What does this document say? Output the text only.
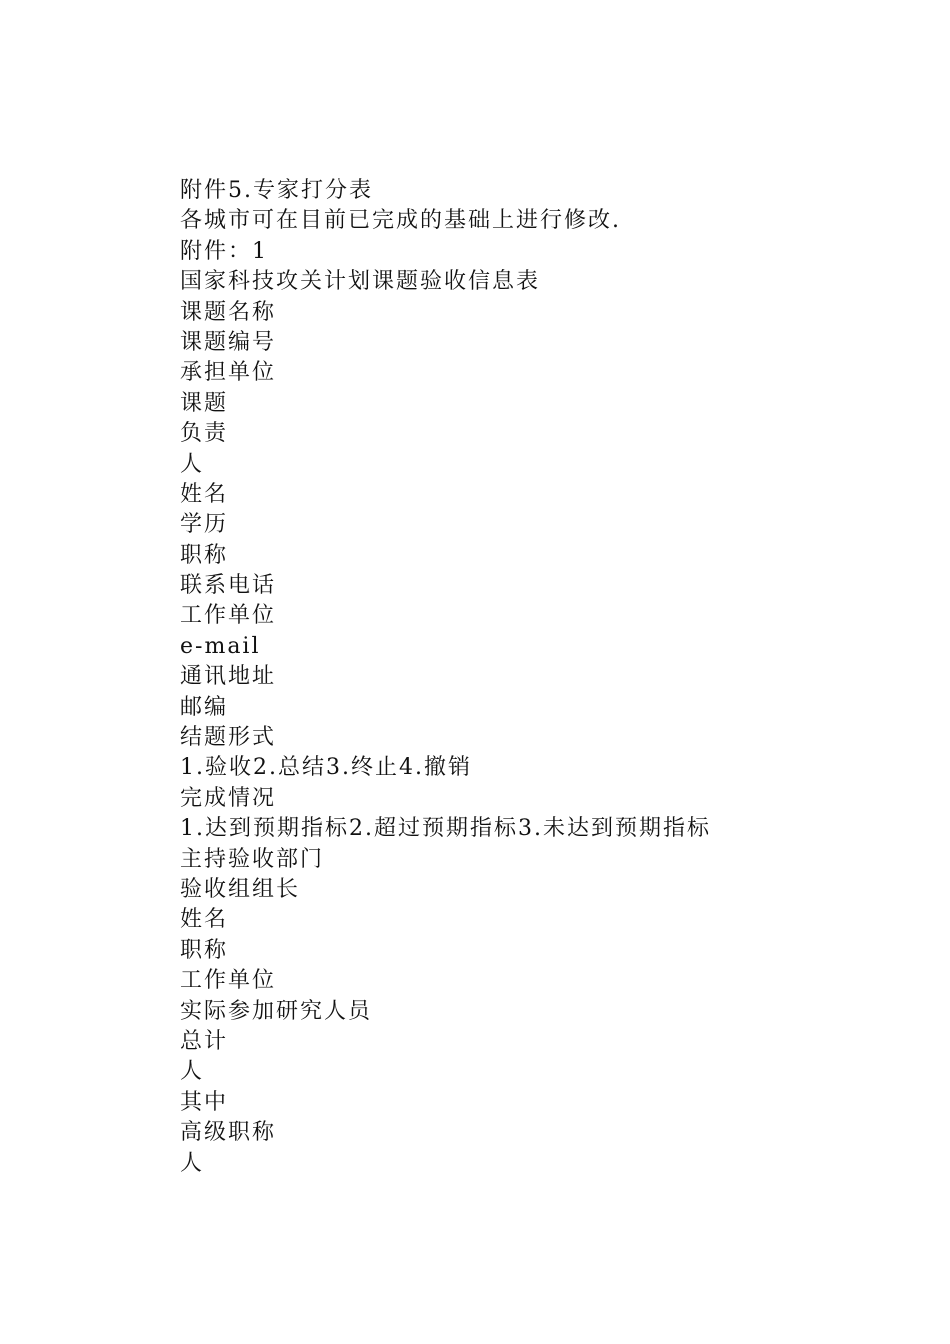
附件5.专家打分表
各城市可在目前已完成的基础上进行修改.
附件：1
国家科技攻关计划课题验收信息表
课题名称
课题编号
承担单位
课题
负责
人
姓名
学历
职称
联系电话
工作单位
e-mail
通讯地址
邮编
结题形式
1.验收2.总结3.终止4.撤销
完成情况
1.达到预期指标2.超过预期指标3.未达到预期指标
主持验收部门
验收组组长
姓名
职称
工作单位
实际参加研究人员
总计
人
其中
高级职称
人
